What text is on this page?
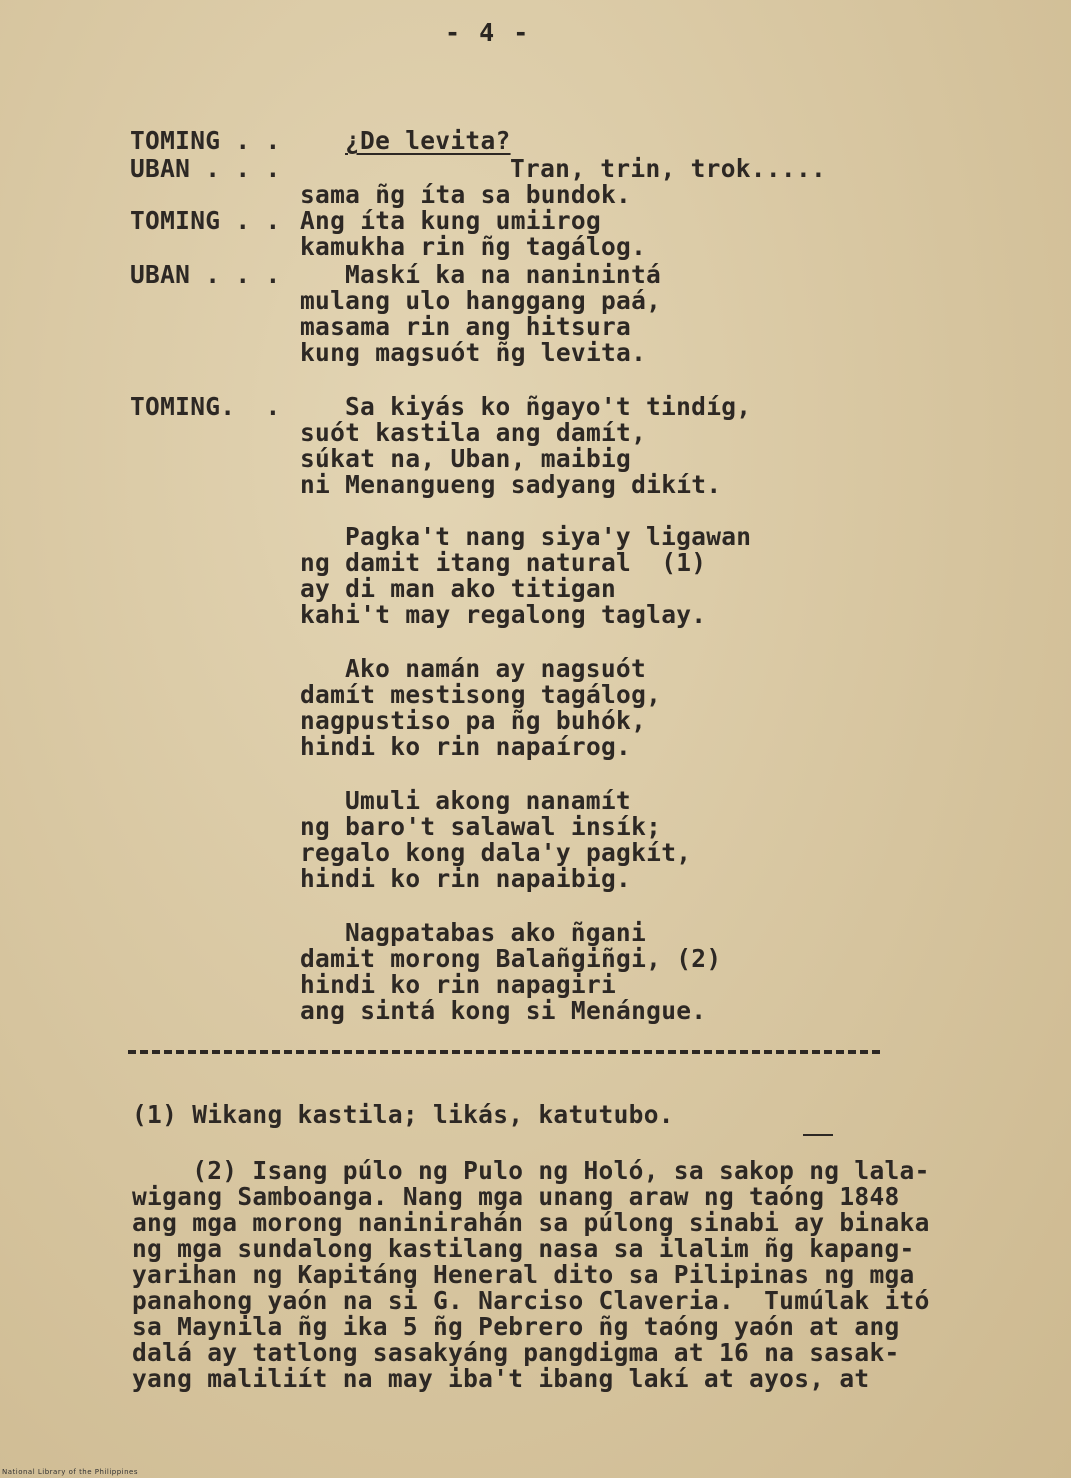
- 4 -
TOMING . .	¿De levita?
UBAN . . .	Tran, trin, trok.....
sama ñg íta sa bundok.
TOMING . . Ang íta kung umiirog
kamukha rin ñg tagálog.
UBAN . . .	Maskí ka na naninintá
mulang ulo hanggang paá,
masama rin ang hitsura
kung magsuót ñg levita.
TOMING.  .	Sa kiyás ko ñgayo't tindíg,
suót kastila ang damít,
súkat na, Uban, maibig
ni Menangueng sadyang dikít.
Pagka't nang siya'y ligawan
ng damit itang natural  (1)
ay di man ako titigan
kahi't may regalong taglay.
Ako namán ay nagsuót
damít mestisong tagálog,
nagpustiso pa ñg buhók,
hindi ko rin napaírog.
Umuli akong nanamít
ng baro't salawal insík;
regalo kong dala'y pagkít,
hindi ko rin napaibig.
Nagpatabas ako ñgani
damit morong Balañgiñgi, (2)
hindi ko rin napagiri
ang sintá kong si Menángue.
(1) Wikang kastila; likás, katutubo.
(2) Isang púlo ng Pulo ng Holó, sa sakop ng lala-
wigang Samboanga. Nang mga unang araw ng taóng 1848
ang mga morong naninirahán sa púlong sinabi ay binaka
ng mga sundalong kastilang nasa sa ilalim ñg kapang-
yarihan ng Kapitáng Heneral dito sa Pilipinas ng mga
panahong yaón na si G. Narciso Claveria.  Tumúlak itó
sa Maynila ñg ika 5 ñg Pebrero ñg taóng yaón at ang
dalá ay tatlong sasakyáng pangdigma at 16 na sasak-
yang maliliít na may iba't ibang lakí at ayos, at
National Library of the Philippines
